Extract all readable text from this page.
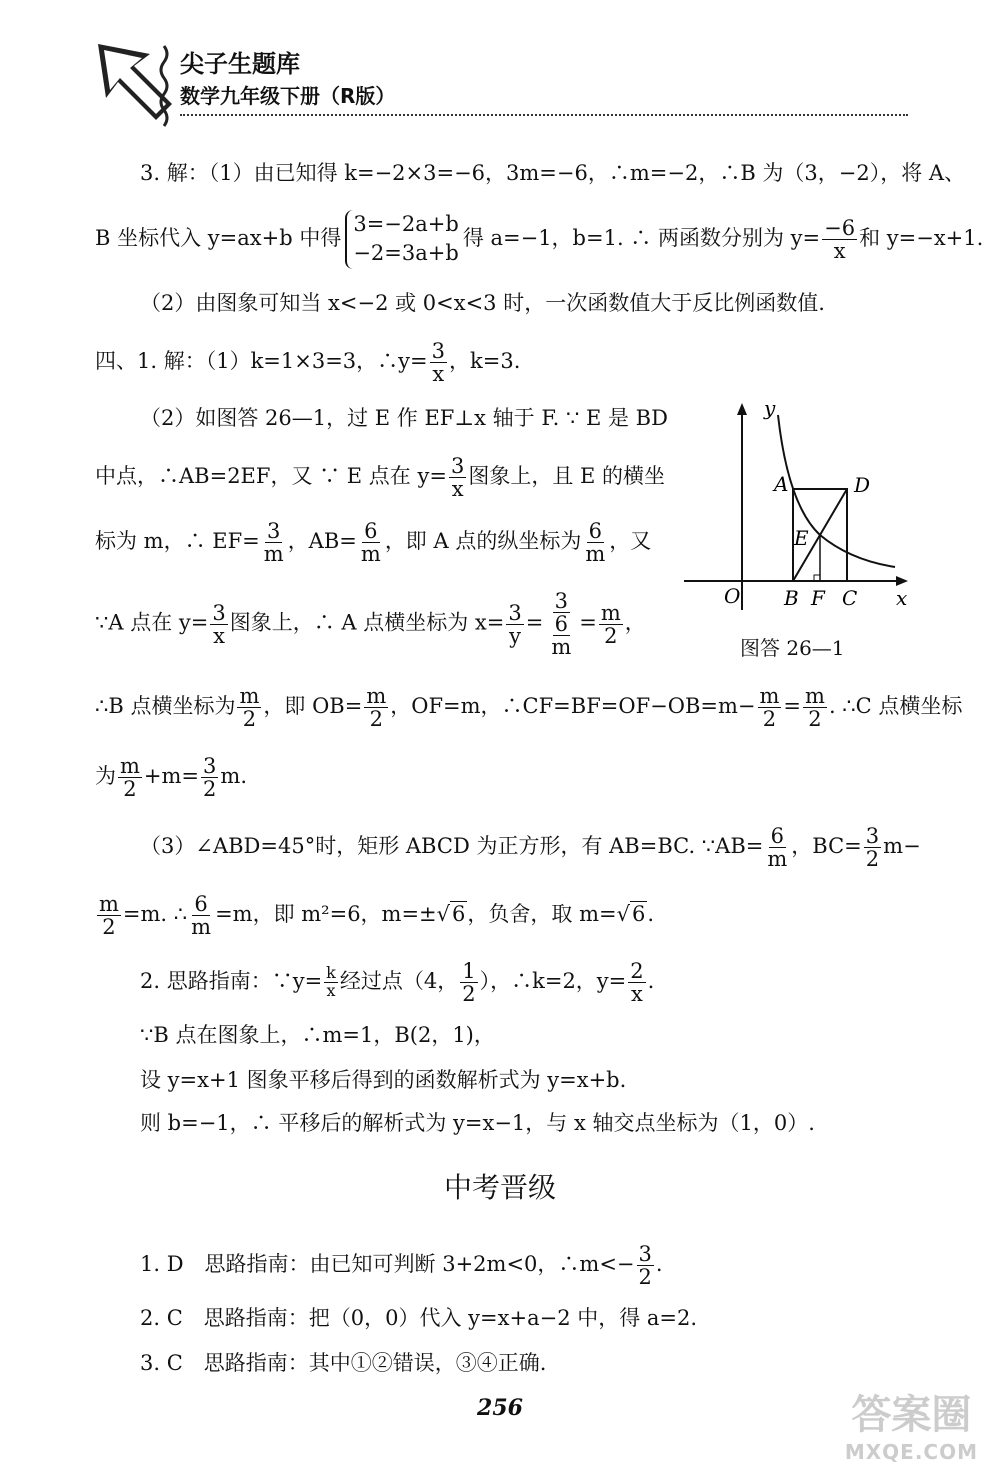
尖子生题库
数学九年级下册（R版）
3. 解：（1）由已知得 k=−2×3=−6，3m=−6，∴m=−2，∴B 为（3，−2），将 A、
B 坐标代入 y=ax+b 中得3=−2a+b
−2=3a+b得 a=−1，b=1. ∴ 两函数分别为 $y= \frac{-6}{x}$ 和 y=−x+1.
（2）由图象可知当 x<−2 或 0<x<3 时，一次函数值大于反比例函数值.
四、1. 解：（1）k=1×3=3，∴y= $\frac{3}{x}$ ，k=3.
（2）如图答 26—1，过 E 作 EF⊥x 轴于 F. ∵ E 是 BD
中点，∴AB=2EF，又 ∵ E 点在 $y= \frac{3}{x}$ 图象上，且 E 的横坐
标为 m，∴ $EF= \frac{3}{m}$ ，$AB= \frac{6}{m}$ ，即 A 点的纵坐标为 $\frac{6}{m}$ ，又
∵A 点在 $y= \frac{3}{x}$ 图象上，∴ A 点横坐标为 $x= \frac{3}{y} = \frac{3}{\frac{6}{m}} = \frac{m}{2}$ ，
y
O
A	D
E
B F C x
图答 26—1
∴B 点横坐标为 $\frac{m}{2}$ ，即 $OB= \frac{m}{2}$ ，OF=m，∴CF=BF=OF−OB=m− $\frac{m}{2} = \frac{m}{2}$ . ∴C 点横坐标
为 $\frac{m}{2} +m= \frac{3}{2} m$.
（3）∠ABD=45°时，矩形 ABCD 为正方形，有 AB=BC. ∵AB= $\frac{6}{m}$ ，$BC= \frac{3}{2} m-$
$\frac{m}{2} =m$. ∴ $\frac{6}{m} =m$，即 m²=6，m=±√6，负舍，取 m=√6.
2. 思路指南：∵y= $\frac{k}{x}$ 经过点（4， $\frac{1}{2}$ ），∴k=2，$y= \frac{2}{x}$ .
∵B 点在图象上，∴m=1，B(2，1)，
设 y=x+1 图象平移后得到的函数解析式为 y=x+b.
则 b=−1，∴ 平移后的解析式为 y=x−1，与 x 轴交点坐标为（1，0）.
中考晋级
1. D　思路指南：由已知可判断 3+2m<0，∴m<− $\frac{3}{2}$ .
2. C　思路指南：把（0，0）代入 y=x+a−2 中，得 a=2.
3. C　思路指南：其中①②错误，③④正确.
256	答案圈
MXQE.COM
